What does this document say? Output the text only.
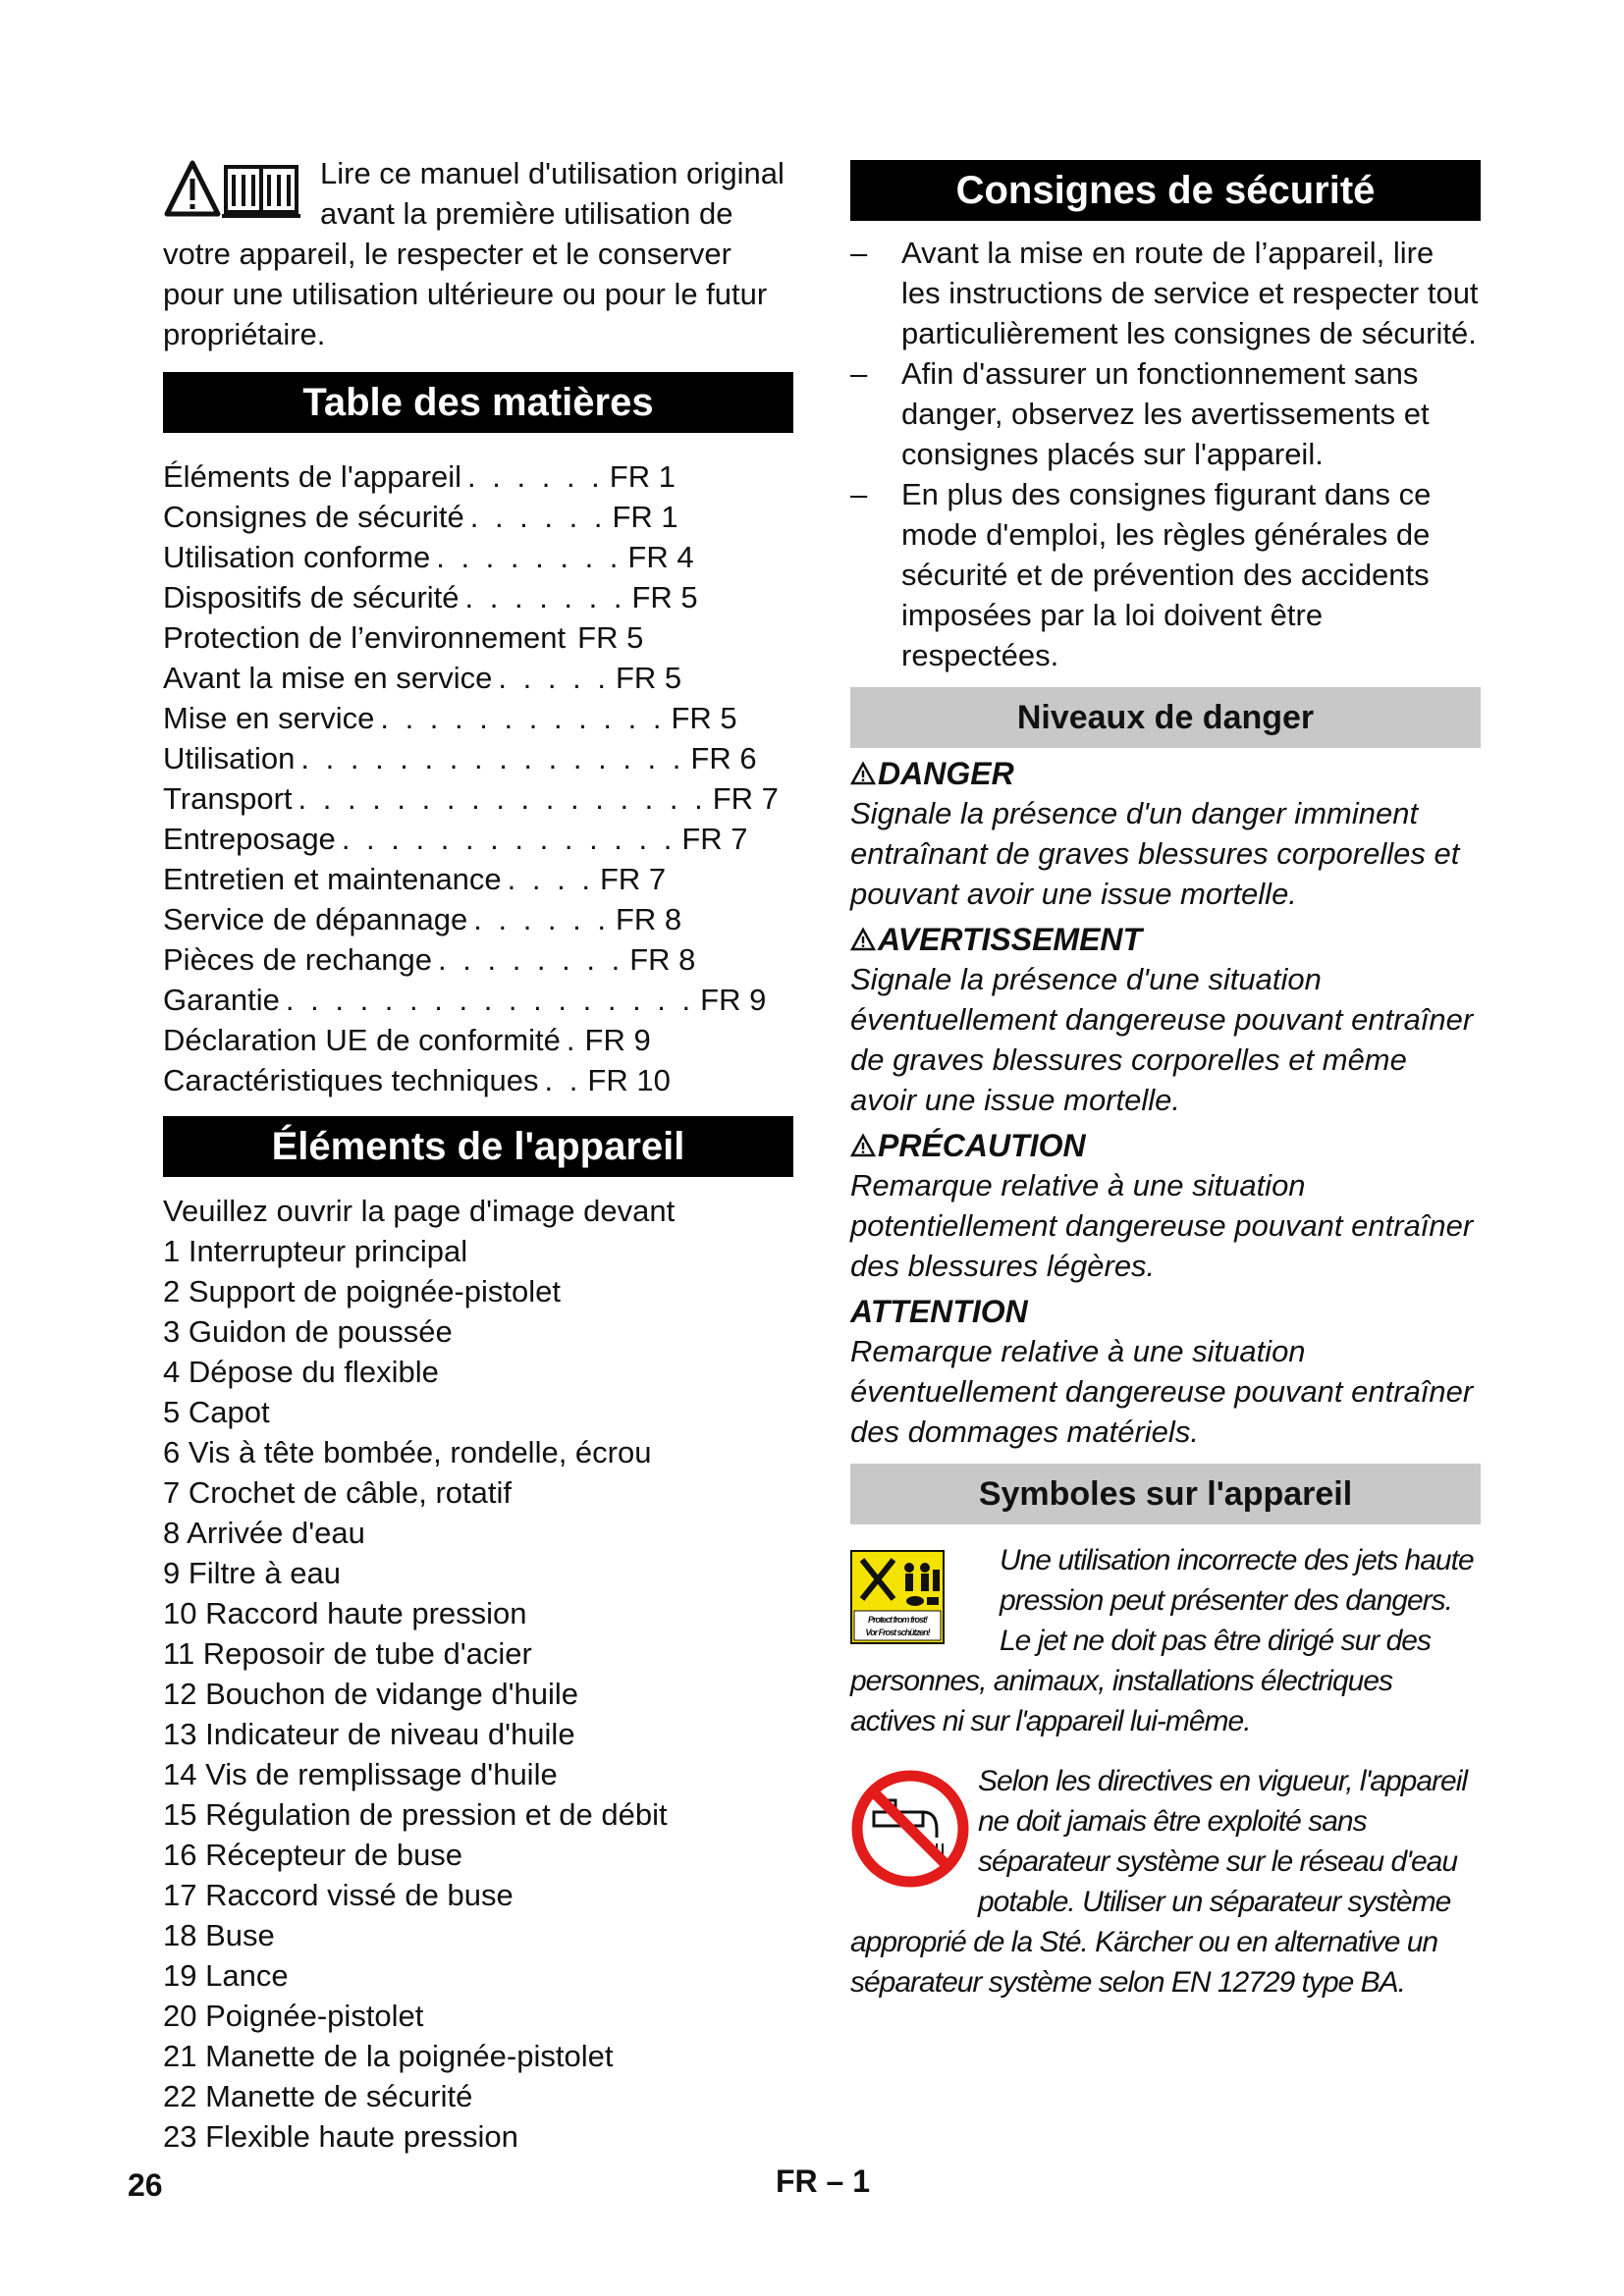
Lire ce manuel d'utilisation original avant la première utilisation de votre appareil, le respecter et le conserver pour une utilisation ultérieure ou pour le futur propriétaire.
Table des matières
Éléments de l'appareil . . . . . . FR 1
Consignes de sécurité . . . . . . FR 1
Utilisation conforme . . . . . . . . FR 4
Dispositifs de sécurité . . . . . . . FR 5
Protection de l’environnement FR 5
Avant la mise en service . . . . . FR 5
Mise en service . . . . . . . . . . . . FR 5
Utilisation . . . . . . . . . . . . . . . . FR 6
Transport . . . . . . . . . . . . . . . . . FR 7
Entreposage . . . . . . . . . . . . . . FR 7
Entretien et maintenance . . . . FR 7
Service de dépannage . . . . . . FR 8
Pièces de rechange . . . . . . . . FR 8
Garantie . . . . . . . . . . . . . . . . . FR 9
Déclaration UE de conformité . FR 9
Caractéristiques techniques . . FR 10
Éléments de l'appareil
Veuillez ouvrir la page d'image devant
1 Interrupteur principal
2 Support de poignée-pistolet
3 Guidon de poussée
4 Dépose du flexible
5 Capot
6 Vis à tête bombée, rondelle, écrou
7 Crochet de câble, rotatif
8 Arrivée d'eau
9 Filtre à eau
10 Raccord haute pression
11 Reposoir de tube d'acier
12 Bouchon de vidange d'huile
13 Indicateur de niveau d'huile
14 Vis de remplissage d'huile
15 Régulation de pression et de débit
16 Récepteur de buse
17 Raccord vissé de buse
18 Buse
19 Lance
20 Poignée-pistolet
21 Manette de la poignée-pistolet
22 Manette de sécurité
23 Flexible haute pression
Consignes de sécurité
– Avant la mise en route de l’appareil, lire les instructions de service et respecter tout particulièrement les consignes de sécurité.
– Afin d'assurer un fonctionnement sans danger, observez les avertissements et consignes placés sur l'appareil.
– En plus des consignes figurant dans ce mode d'emploi, les règles générales de sécurité et de prévention des accidents imposées par la loi doivent être respectées.
Niveaux de danger
DANGER
Signale la présence d'un danger imminent entraînant de graves blessures corporelles et pouvant avoir une issue mortelle.
AVERTISSEMENT
Signale la présence d'une situation éventuellement dangereuse pouvant entraîner de graves blessures corporelles et même avoir une issue mortelle.
PRÉCAUTION
Remarque relative à une situation potentiellement dangereuse pouvant entraîner des blessures légères.
ATTENTION
Remarque relative à une situation éventuellement dangereuse pouvant entraîner des dommages matériels.
Symboles sur l'appareil
Protect from frost!
Vor Frost schützen!
Une utilisation incorrecte des jets haute pression peut présenter des dangers. Le jet ne doit pas être dirigé sur des personnes, animaux, installations électriques actives ni sur l'appareil lui-même.
Selon les directives en vigueur, l'appareil ne doit jamais être exploité sans séparateur système sur le réseau d'eau potable. Utiliser un séparateur système approprié de la Sté. Kärcher ou en alternative un séparateur système selon EN 12729 type BA.
26	FR – 1
